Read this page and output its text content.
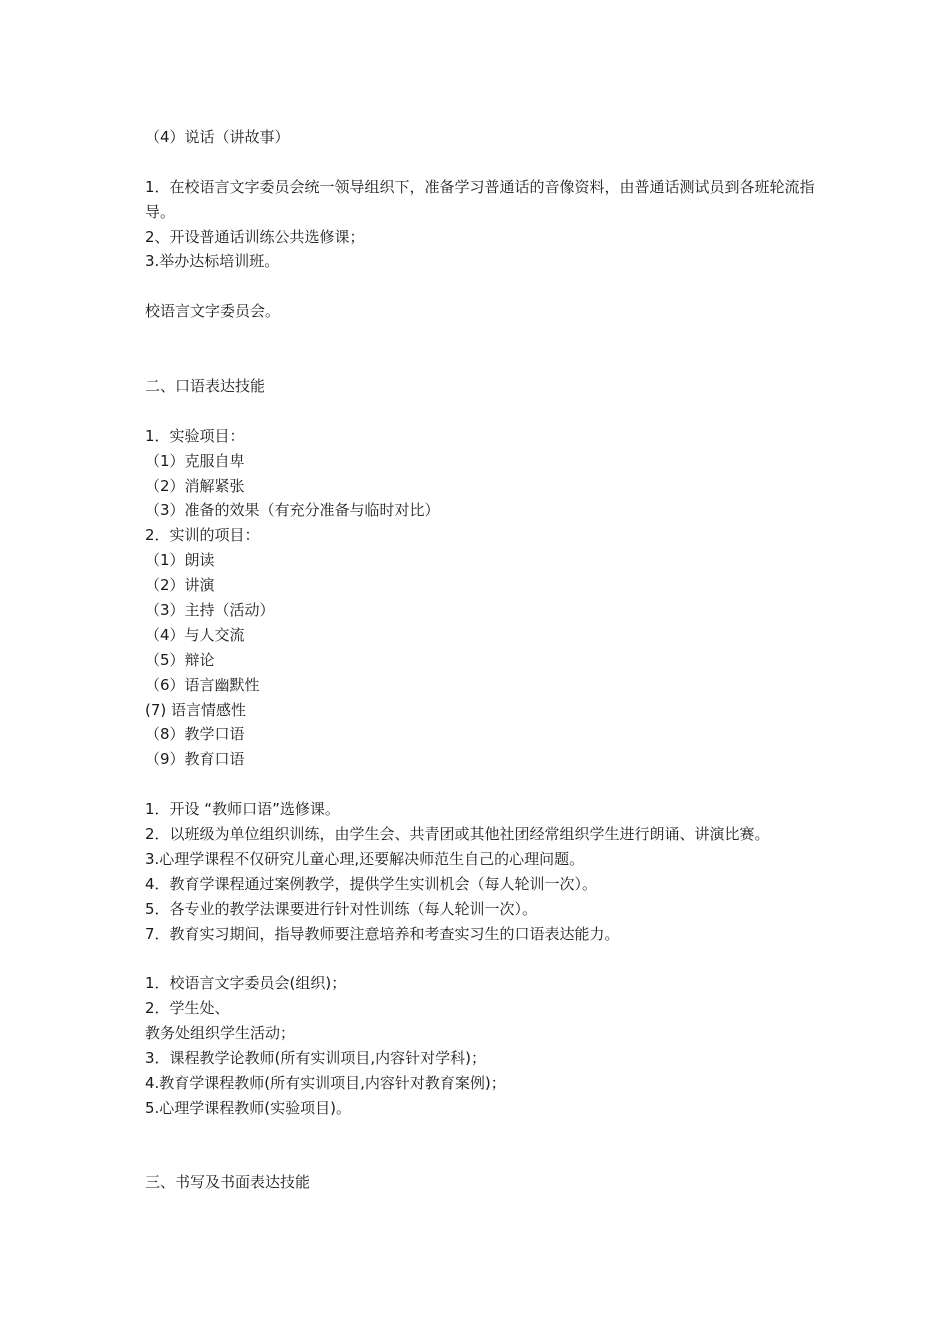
（4）说话（讲故事）
1．在校语言文字委员会统一领导组织下，准备学习普通话的音像资料，由普通话测试员到各班轮流指导。
2、开设普通话训练公共选修课；
3.举办达标培训班。
校语言文字委员会。
二、口语表达技能
1．实验项目：
（1）克服自卑
（2）消解紧张
（3）准备的效果（有充分准备与临时对比）
2．实训的项目：
（1）朗读
（2）讲演
（3）主持（活动）
（4）与人交流
（5）辩论
（6）语言幽默性
(7) 语言情感性
（8）教学口语
（9）教育口语
1．开设 “教师口语”选修课。
2．以班级为单位组织训练，由学生会、共青团或其他社团经常组织学生进行朗诵、讲演比赛。
3.心理学课程不仅研究儿童心理,还要解决师范生自己的心理问题。
4．教育学课程通过案例教学，提供学生实训机会（每人轮训一次）。
5．各专业的教学法课要进行针对性训练（每人轮训一次）。
7．教育实习期间，指导教师要注意培养和考查实习生的口语表达能力。
1．校语言文字委员会(组织)；
2．学生处、
教务处组织学生活动；
3．课程教学论教师(所有实训项目,内容针对学科)；
4.教育学课程教师(所有实训项目,内容针对教育案例)；
5.心理学课程教师(实验项目)。
三、书写及书面表达技能
